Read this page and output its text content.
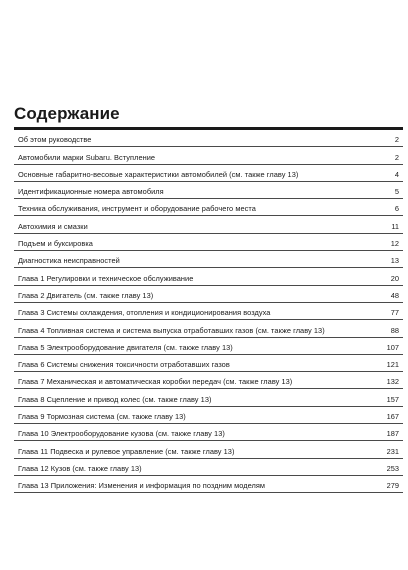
Содержание
Об этом руководстве	2
Автомобили марки Subaru. Вступление	2
Основные габаритно-весовые характеристики автомобилей (см. также главу 13)	4
Идентификационные номера автомобиля	5
Техника обслуживания, инструмент и оборудование рабочего места	6
Автохимия и смазки	11
Подъем и буксировка	12
Диагностика неисправностей	13
Глава 1 Регулировки и техническое обслуживание	20
Глава 2 Двигатель (см. также главу 13)	48
Глава 3 Системы охлаждения, отопления и кондиционирования воздуха	77
Глава 4 Топливная система и система выпуска отработавших газов (см. также главу 13)	88
Глава 5 Электрооборудование двигателя (см. также главу 13)	107
Глава 6 Системы снижения токсичности отработавших газов	121
Глава 7 Механическая и автоматическая коробки передач (см. также главу 13)	132
Глава 8 Сцепление и привод колес (см. также главу 13)	157
Глава 9 Тормозная система (см. также главу 13)	167
Глава 10 Электрооборудование кузова (см. также главу 13)	187
Глава 11 Подвеска и рулевое управление (см. также главу 13)	231
Глава 12 Кузов (см. также главу 13)	253
Глава 13 Приложения: Изменения и информация по поздним моделям	279
